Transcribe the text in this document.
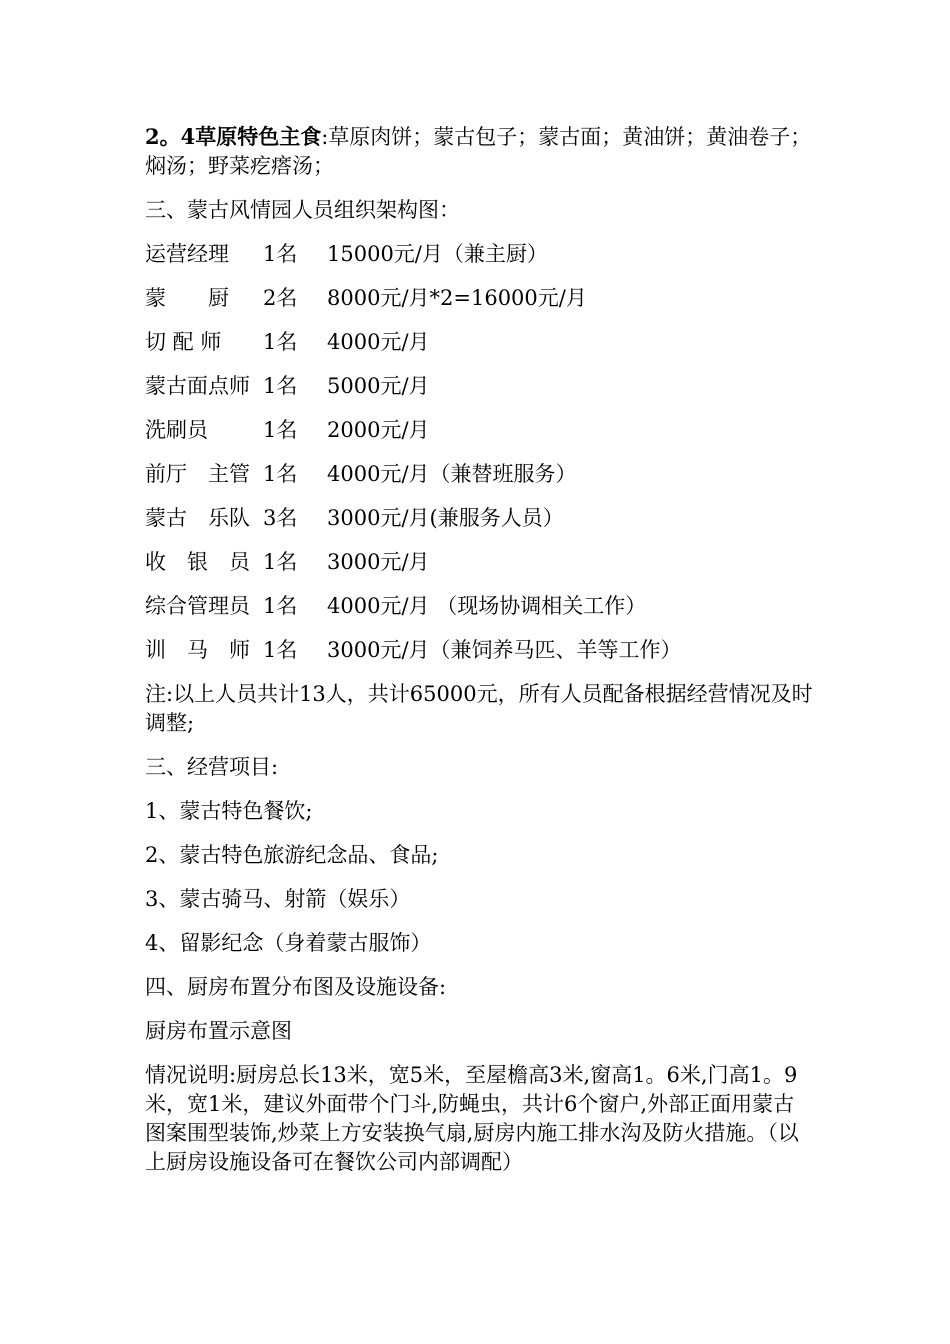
2。4草原特色主食:草原肉饼；蒙古包子；蒙古面；黄油饼；黄油卷子；焖汤；野菜疙瘩汤；

三、蒙古风情园人员组织架构图：

运营经理 1名 15000元/月（兼主厨）
蒙　　厨 2名 8000元/月*2=16000元/月
切 配 师 1名 4000元/月
蒙古面点师 1名 5000元/月
洗刷员	1名 2000元/月
前厅　主管 1名 4000元/月（兼替班服务）
蒙古　乐队 3名 3000元/月(兼服务人员）
收　银　员 1名 3000元/月
综合管理员 1名 4000元/月 （现场协调相关工作）
训　马　师 1名 3000元/月（兼饲养马匹、羊等工作）

注:以上人员共计13人，共计65000元，所有人员配备根据经营情况及时调整;

三、经营项目:

1、蒙古特色餐饮;

2、蒙古特色旅游纪念品、食品;

3、蒙古骑马、射箭（娱乐）

4、留影纪念（身着蒙古服饰）

四、厨房布置分布图及设施设备:

厨房布置示意图

情况说明:厨房总长13米，宽5米，至屋檐高3米,窗高1。6米,门高1。9米，宽1米，建议外面带个门斗,防蝇虫，共计6个窗户,外部正面用蒙古图案围型装饰,炒菜上方安装换气扇,厨房内施工排水沟及防火措施。（以上厨房设施设备可在餐饮公司内部调配）
